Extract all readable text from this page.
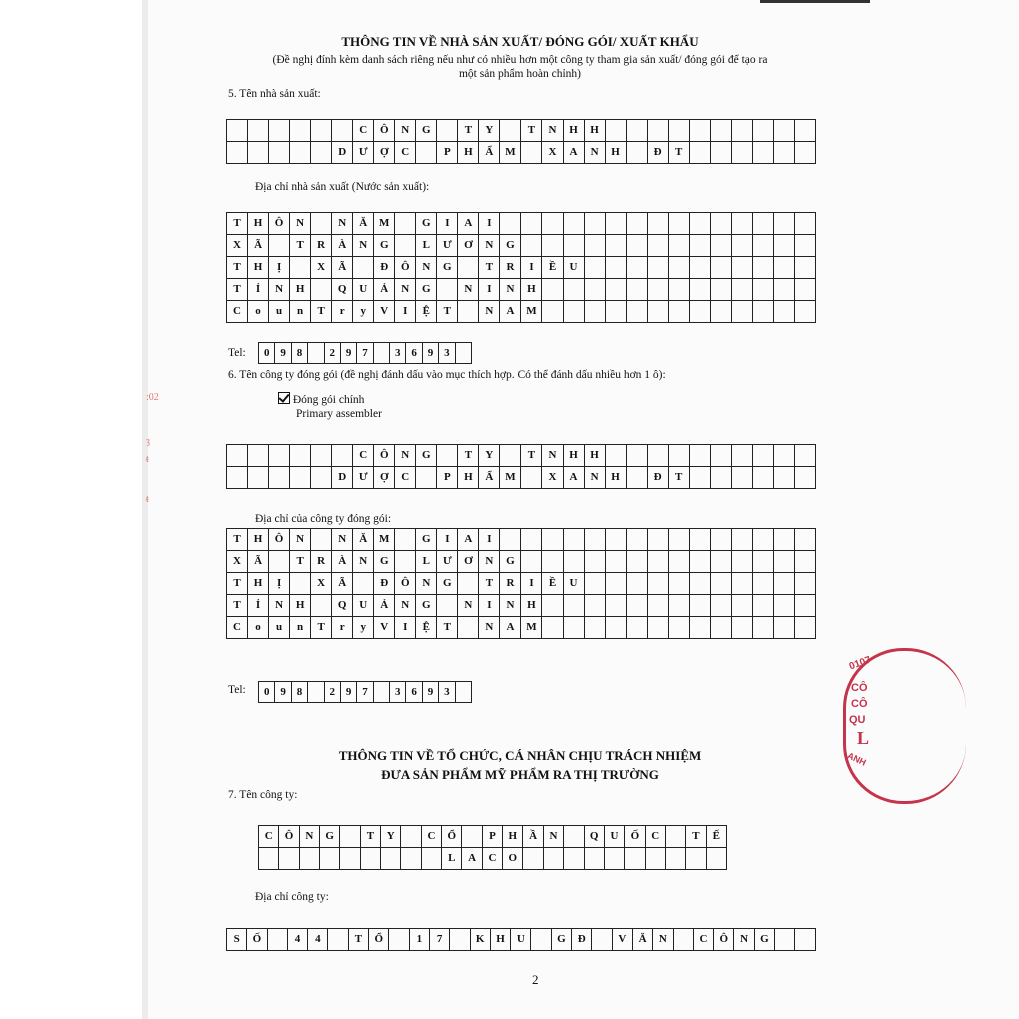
THÔNG TIN VỀ NHÀ SẢN XUẤT/ ĐÓNG GÓI/ XUẤT KHẨU
(Đề nghị đính kèm danh sách riêng nếu như có nhiều hơn một công ty tham gia sản xuất/ đóng gói để tạo ra
một sản phẩm hoàn chỉnh)
5. Tên nhà sản xuất:
						C	Ô	N	G		T	Y		T	N	H	H										
					D	Ư	Ợ	C		P	H	Ẩ	M		X	A	N	H		Đ	T						
Địa chỉ nhà sản xuất (Nước sản xuất):
T	H	Ô	N		N	Ă	M		G	I	A	I															
X	Ã		T	R	À	N	G		L	Ư	Ơ	N	G														
T	H	Ị		X	Ã		Đ	Ô	N	G		T	R	I	Ề	U											
T	Ỉ	N	H		Q	U	Ả	N	G		N	I	N	H													
C	o	u	n	T	r	y	V	I	Ệ	T		N	A	M													
Tel: 0	9	8		2	9	7		3	6	9	3	
6. Tên công ty đóng gói (đề nghị đánh dấu vào mục thích hợp. Có thể đánh dấu nhiều hơn 1 ô):
Đóng gói chính
Primary assembler
						C	Ô	N	G		T	Y		T	N	H	H										
					D	Ư	Ợ	C		P	H	Ẩ	M		X	A	N	H		Đ	T						
Địa chỉ của công ty đóng gói:
T	H	Ô	N		N	Ă	M		G	I	A	I															
X	Ã		T	R	À	N	G		L	Ư	Ơ	N	G														
T	H	Ị		X	Ã		Đ	Ô	N	G		T	R	I	Ề	U											
T	Ỉ	N	H		Q	U	Ả	N	G		N	I	N	H													
C	o	u	n	T	r	y	V	I	Ệ	T		N	A	M													
Tel: 0	9	8		2	9	7		3	6	9	3	
THÔNG TIN VỀ TỔ CHỨC, CÁ NHÂN CHỊU TRÁCH NHIỆM
ĐƯA SẢN PHẨM MỸ PHẨM RA THỊ TRƯỜNG
7. Tên công ty:
C	Ô	N	G		T	Y		C	Ổ		P	H	Ầ	N		Q	U	Ố	C		T	Ế
									L	A	C	O										
Địa chỉ công ty:
S	Ố		4	4		T	Ổ		1	7		K	H	U		G	Đ		V	Ă	N		C	Ô	N	G		
2
:02
ȝ
ᵵ
ᵵ
0107
CÔ
CÔ
QU
L
ANH
